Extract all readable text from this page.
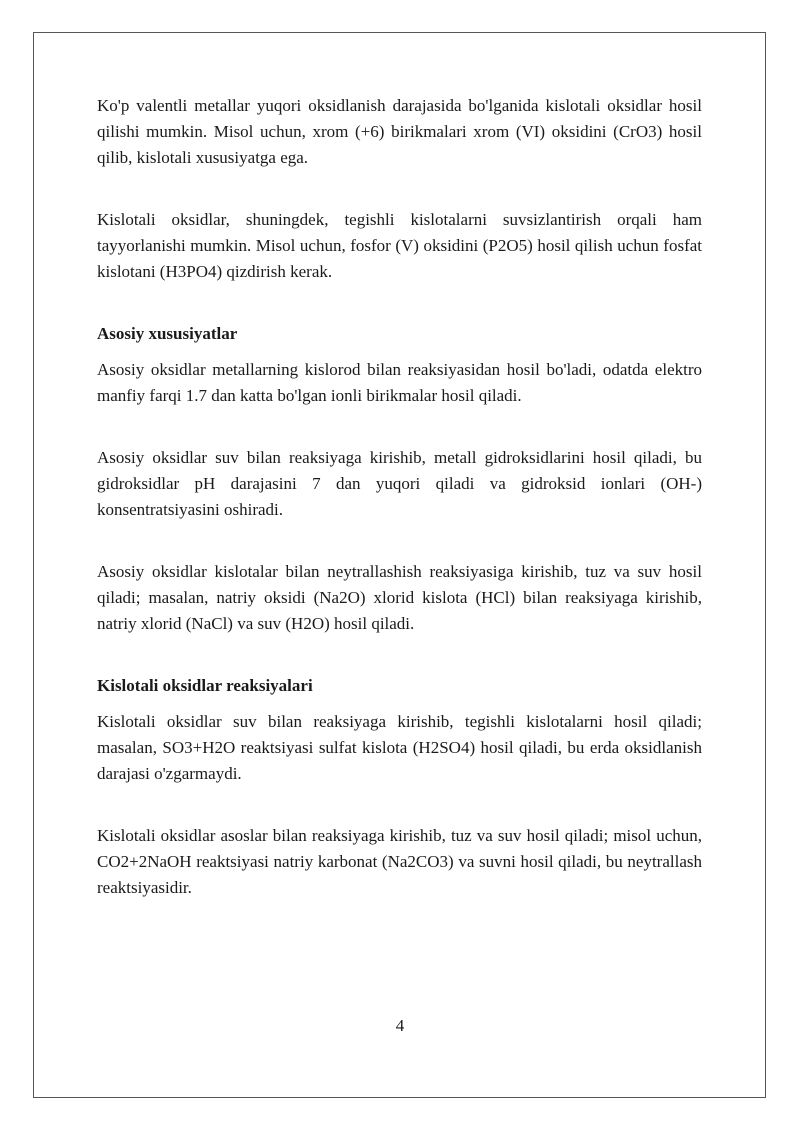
Ko'p valentli metallar yuqori oksidlanish darajasida bo'lganida kislotali oksidlar hosil qilishi mumkin. Misol uchun, xrom (+6) birikmalari xrom (VI) oksidini (CrO3) hosil qilib, kislotali xususiyatga ega.

Kislotali oksidlar, shuningdek, tegishli kislotalarni suvsizlantirish orqali ham tayyorlanishi mumkin. Misol uchun, fosfor (V) oksidini (P2O5) hosil qilish uchun fosfat kislotani (H3PO4) qizdirish kerak.

Asosiy xususiyatlar

Asosiy oksidlar metallarning kislorod bilan reaksiyasidan hosil bo'ladi, odatda elektro manfiy farqi 1.7 dan katta bo'lgan ionli birikmalar hosil qiladi.

Asosiy oksidlar suv bilan reaksiyaga kirishib, metall gidroksidlarini hosil qiladi, bu gidroksidlar pH darajasini 7 dan yuqori qiladi va gidroksid ionlari (OH-) konsentratsiyasini oshiradi.

Asosiy oksidlar kislotalar bilan neytrallashish reaksiyasiga kirishib, tuz va suv hosil qiladi; masalan, natriy oksidi (Na2O) xlorid kislota (HCl) bilan reaksiyaga kirishib, natriy xlorid (NaCl) va suv (H2O) hosil qiladi.

Kislotali oksidlar reaksiyalari

Kislotali oksidlar suv bilan reaksiyaga kirishib, tegishli kislotalarni hosil qiladi; masalan, SO3+H2O reaktsiyasi sulfat kislota (H2SO4) hosil qiladi, bu erda oksidlanish darajasi o'zgarmaydi.

Kislotali oksidlar asoslar bilan reaksiyaga kirishib, tuz va suv hosil qiladi; misol uchun, CO2+2NaOH reaktsiyasi natriy karbonat (Na2CO3) va suvni hosil qiladi, bu neytrallash reaktsiyasidir.

4
